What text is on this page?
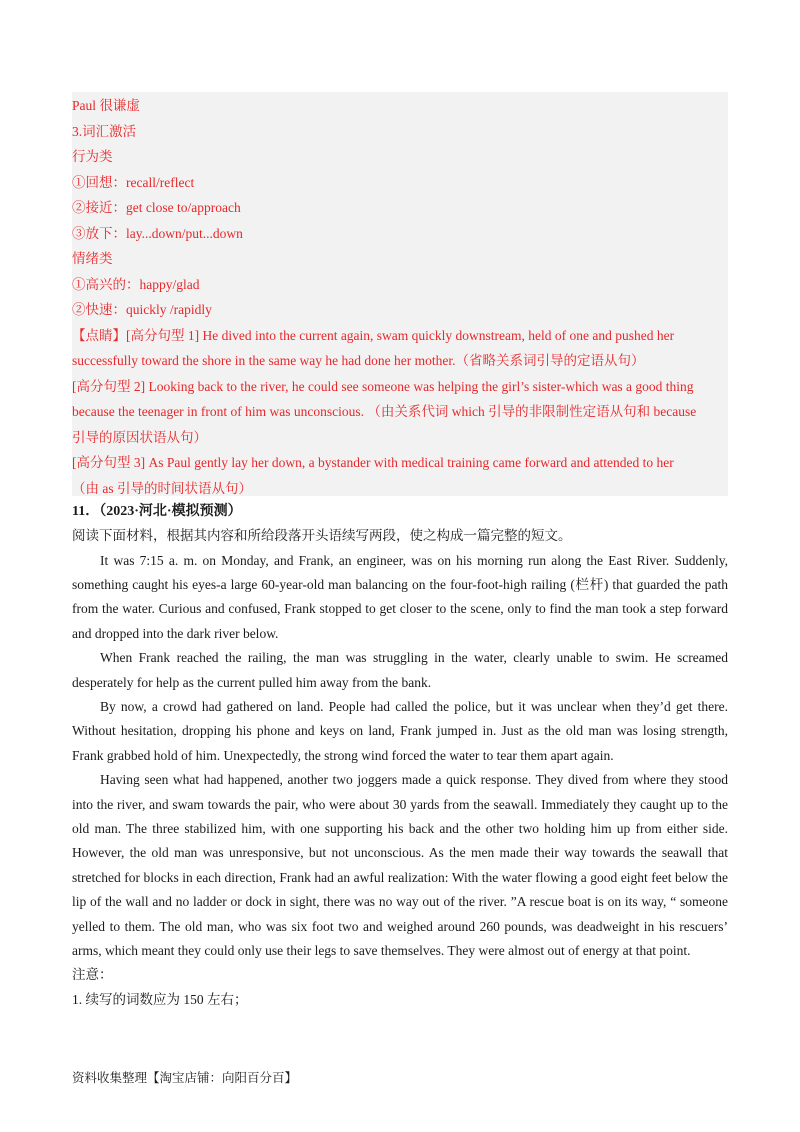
Paul 很谦虚
3.词汇激活
行为类
①回想：recall/reflect
②接近：get close to/approach
③放下：lay...down/put...down
情绪类
①高兴的：happy/glad
②快速：quickly /rapidly
【点睛】[高分句型 1] He dived into the current again, swam quickly downstream, held of one and pushed her
successfully toward the shore in the same way he had done her mother.（省略关系词引导的定语从句）
[高分句型 2] Looking back to the river, he could see someone was helping the girl’s sister-which was a good thing
because the teenager in front of him was unconscious. （由关系代词 which 引导的非限制性定语从句和 because
引导的原因状语从句）
[高分句型 3] As Paul gently lay her down, a bystander with medical training came forward and attended to her
（由 as 引导的时间状语从句）
11．（2023·河北·模拟预测）
阅读下面材料，根据其内容和所给段落开头语续写两段，使之构成一篇完整的短文。
It was 7:15 a. m. on Monday, and Frank, an engineer, was on his morning run along the East River. Suddenly, something caught his eyes-a large 60-year-old man balancing on the four-foot-high railing (栏杆) that guarded the path from the water. Curious and confused, Frank stopped to get closer to the scene, only to find the man took a step forward and dropped into the dark river below.
When Frank reached the railing, the man was struggling in the water, clearly unable to swim. He screamed desperately for help as the current pulled him away from the bank.
By now, a crowd had gathered on land. People had called the police, but it was unclear when they’d get there. Without hesitation, dropping his phone and keys on land, Frank jumped in. Just as the old man was losing strength, Frank grabbed hold of him. Unexpectedly, the strong wind forced the water to tear them apart again.
Having seen what had happened, another two joggers made a quick response. They dived from where they stood into the river, and swam towards the pair, who were about 30 yards from the seawall. Immediately they caught up to the old man. The three stabilized him, with one supporting his back and the other two holding him up from either side. However, the old man was unresponsive, but not unconscious. As the men made their way towards the seawall that stretched for blocks in each direction, Frank had an awful realization: With the water flowing a good eight feet below the lip of the wall and no ladder or dock in sight, there was no way out of the river. ”A rescue boat is on its way, “ someone yelled to them. The old man, who was six foot two and weighed around 260 pounds, was deadweight in his rescuers’ arms, which meant they could only use their legs to save themselves. They were almost out of energy at that point.
注意：
1. 续写的词数应为 150 左右；
资料收集整理【淘宝店铺：向阳百分百】
